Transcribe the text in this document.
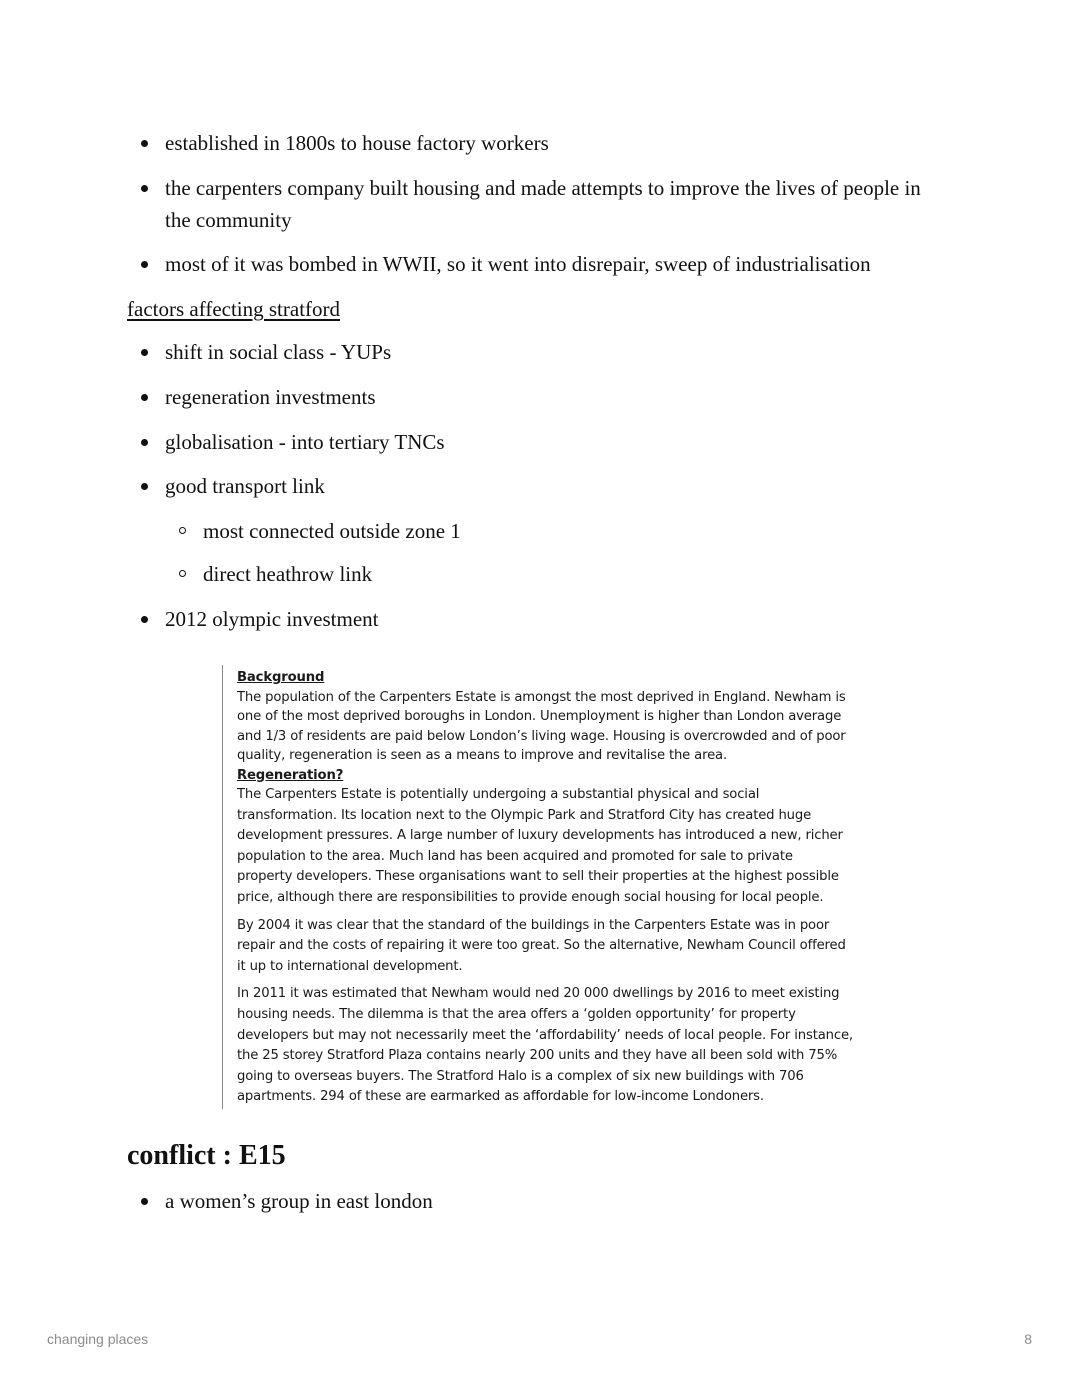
established in 1800s to house factory workers
the carpenters company built housing and made attempts to improve the lives of people in the community
most of it was bombed in WWII, so it went into disrepair, sweep of industrialisation
factors affecting stratford
shift in social class - YUPs
regeneration investments
globalisation - into tertiary TNCs
good transport link
most connected outside zone 1
direct heathrow link
2012 olympic investment
Background

The population of the Carpenters Estate is amongst the most deprived in England. Newham is

one of the most deprived boroughs in London. Unemployment is higher than London average

and 1/3 of residents are paid below London’s living wage. Housing is overcrowded and of poor

quality, regeneration is seen as a means to improve and revitalise the area.

Regeneration?

The Carpenters Estate is potentially undergoing a substantial physical and social

transformation. Its location next to the Olympic Park and Stratford City has created huge

development pressures. A large number of luxury developments has introduced a new, richer

population to the area. Much land has been acquired and promoted for sale to private

property developers. These organisations want to sell their properties at the highest possible

price, although there are responsibilities to provide enough social housing for local people.

By 2004 it was clear that the standard of the buildings in the Carpenters Estate was in poor

repair and the costs of repairing it were too great. So the alternative, Newham Council offered

it up to international development.

In 2011 it was estimated that Newham would ned 20 000 dwellings by 2016 to meet existing

housing needs. The dilemma is that the area offers a ‘golden opportunity’ for property

developers but may not necessarily meet the ‘affordability’ needs of local people. For instance,

the 25 storey Stratford Plaza contains nearly 200 units and they have all been sold with 75%

going to overseas buyers. The Stratford Halo is a complex of six new buildings with 706

apartments. 294 of these are earmarked as affordable for low-income Londoners.

conflict : E15
a women’s group in east london
changing places	8
